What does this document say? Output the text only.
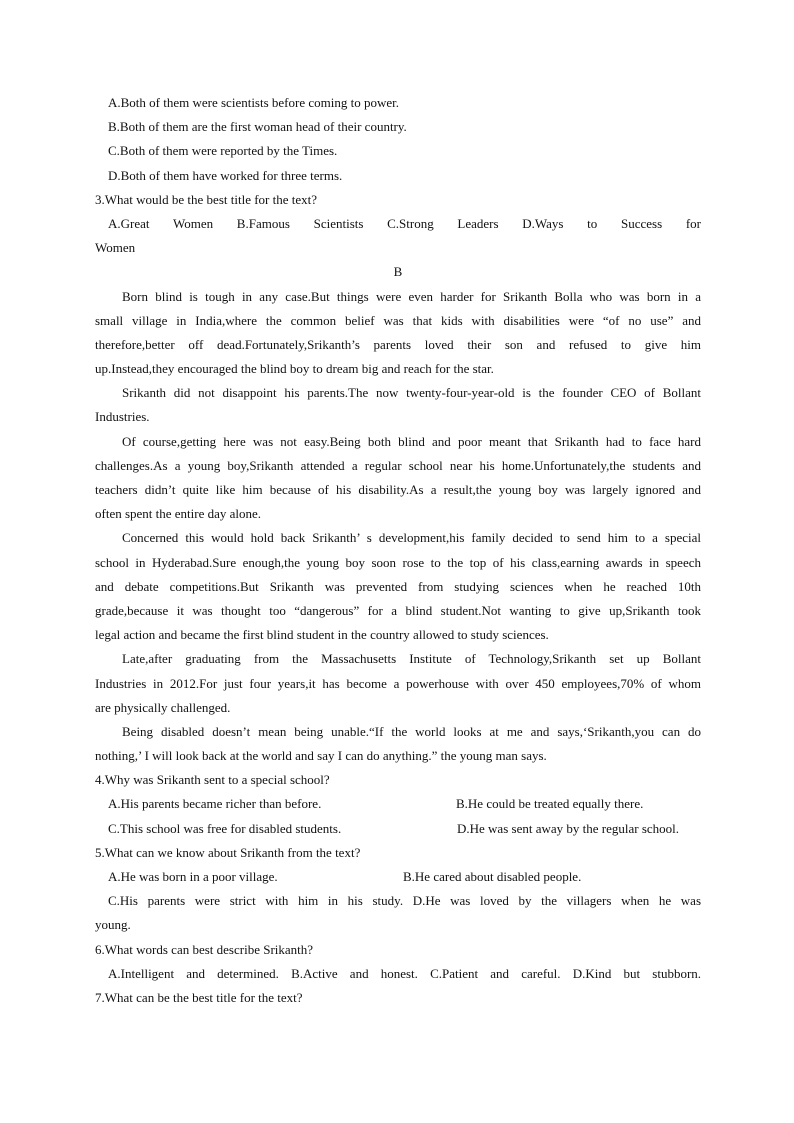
A.Both of them were scientists before coming to power.
B.Both of them are the first woman head of their country.
C.Both of them were reported by the Times.
D.Both of them have worked for three terms.
3.What would be the best title for the text?
A.Great Women B.Famous Scientists C.Strong Leaders D.Ways to Success for
Women
B
Born blind is tough in any case.But things were even harder for Srikanth Bolla who was born in a
small village in India,where the common belief was that kids with disabilities were “of no use” and
therefore,better off dead.Fortunately,Srikanth’s parents loved their son and refused to give him
up.Instead,they encouraged the blind boy to dream big and reach for the star.
Srikanth did not disappoint his parents.The now twenty-four-year-old is the founder CEO of Bollant
Industries.
Of course,getting here was not easy.Being both blind and poor meant that Srikanth had to face hard
challenges.As a young boy,Srikanth attended a regular school near his home.Unfortunately,the students and
teachers didn’t quite like him because of his disability.As a result,the young boy was largely ignored and
often spent the entire day alone.
Concerned this would hold back Srikanth’ s development,his family decided to send him to a special
school in Hyderabad.Sure enough,the young boy soon rose to the top of his class,earning awards in speech
and debate competitions.But Srikanth was prevented from studying sciences when he reached 10th
grade,because it was thought too “dangerous” for a blind student.Not wanting to give up,Srikanth took
legal action and became the first blind student in the country allowed to study sciences.
Late,after graduating from the Massachusetts Institute of Technology,Srikanth set up Bollant
Industries in 2012.For just four years,it has become a powerhouse with over 450 employees,70% of whom
are physically challenged.
Being disabled doesn’t mean being unable.“If the world looks at me and says,‘Srikanth,you can do
nothing,’ I will look back at the world and say I can do anything.” the young man says.
4.Why was Srikanth sent to a special school?
A.His parents became richer than before.	B.He could be treated equally there.
C.This school was free for disabled students.	D.He was sent away by the regular school.
5.What can we know about Srikanth from the text?
A.He was born in a poor village.	B.He cared about disabled people.
C.His parents were strict with him in his study. D.He was loved by the villagers when he was
young.
6.What words can best describe Srikanth?
A.Intelligent and determined. B.Active and honest. C.Patient and careful. D.Kind but stubborn.
7.What can be the best title for the text?
